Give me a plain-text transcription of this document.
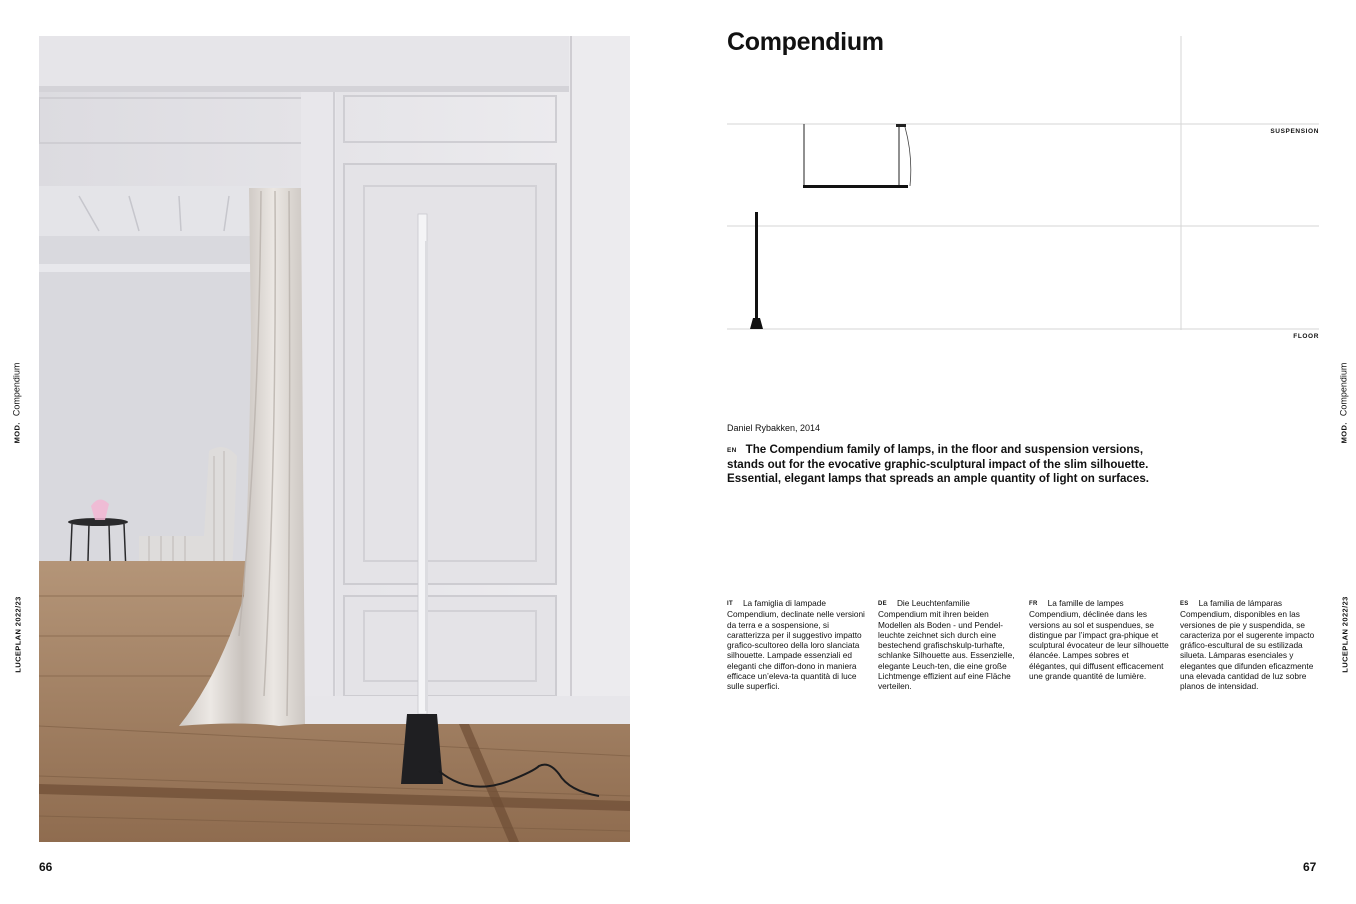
MOD.Compendium
LUCEPLAN 2022/23
66
Compendium
SUSPENSION
FLOOR
Daniel Rybakken, 2014
EN The Compendium family of lamps, in the floor and suspension versions, stands out for the evocative graphic-sculptural impact of the slim silhouette. Essential, elegant lamps that spreads an ample quantity of light on surfaces.
IT La famiglia di lampade Compendium, declinate nelle versioni da terra e a sospensione, si caratterizza per il suggestivo impatto grafico-scultoreo della loro slanciata silhouette. Lampade essenziali ed eleganti che diffon-dono in maniera efficace un’eleva-ta quantità di luce sulle superfici.
DE Die Leuchtenfamilie Compendium mit ihren beiden Modellen als Boden - und Pendel-leuchte zeichnet sich durch eine bestechend grafischskulp-turhafte, schlanke Silhouette aus. Essenzielle, elegante Leuch-ten, die eine große Lichtmenge effizient auf eine Fläche verteilen.
FR La famille de lampes Compendium, déclinée dans les versions au sol et suspendues, se distingue par l’impact gra-phique et sculptural évocateur de leur silhouette élancée. Lampes sobres et élégantes, qui diffusent efficacement une grande quantité de lumière.
ES La familia de lámparas Compendium, disponibles en las versiones de pie y suspendida, se caracteriza por el sugerente impacto gráfico-escultural de su estilizada silueta. Lámparas esenciales y elegantes que difunden eficazmente una elevada cantidad de luz sobre planos de intensidad.
MOD.Compendium
LUCEPLAN 2022/23
67
